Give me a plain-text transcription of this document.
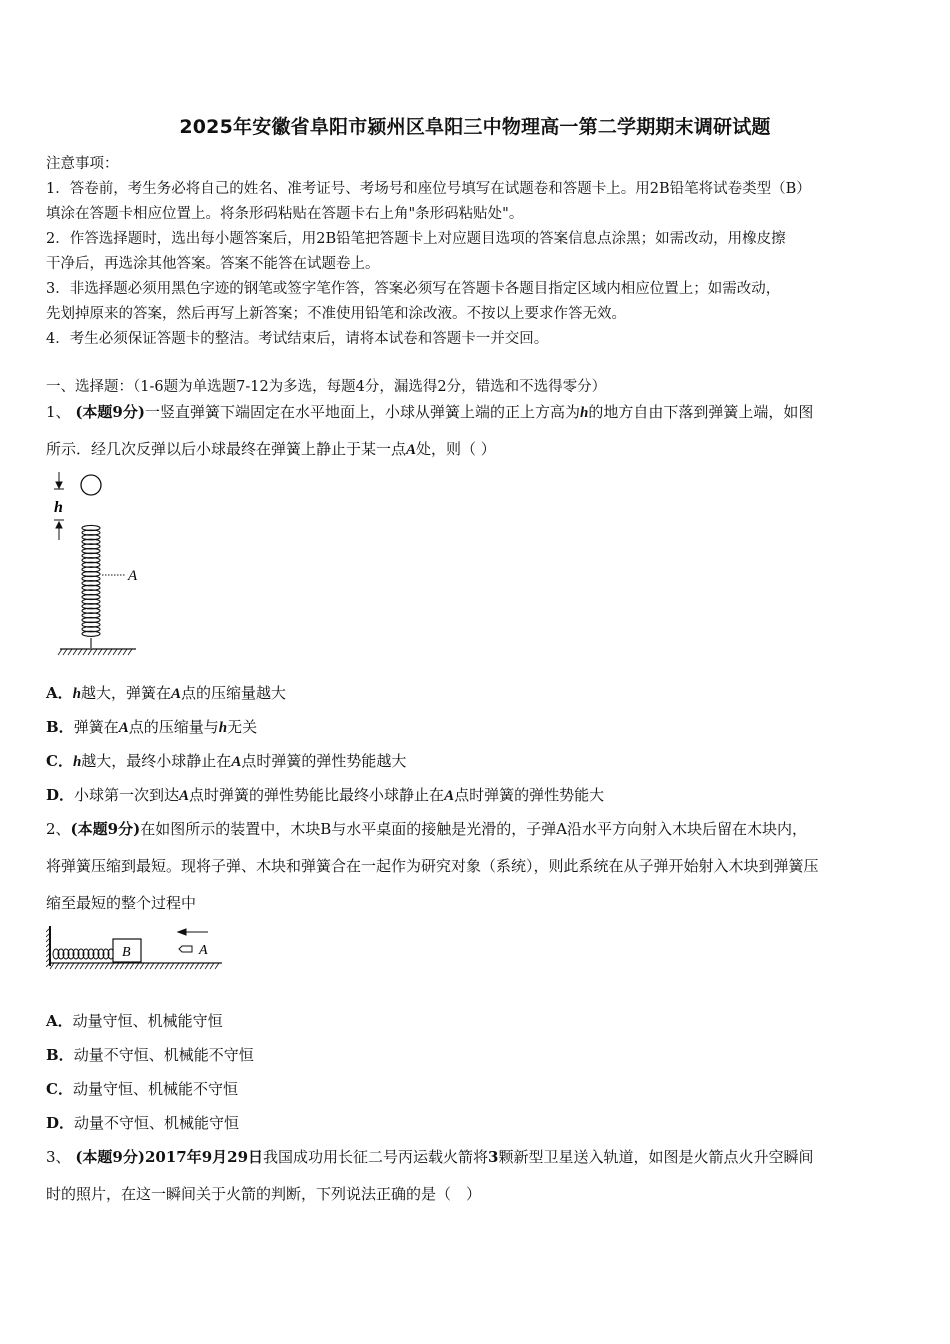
2025年安徽省阜阳市颍州区阜阳三中物理高一第二学期期末调研试题
注意事项：
1．答卷前，考生务必将自己的姓名、准考证号、考场号和座位号填写在试题卷和答题卡上。用2B铅笔将试卷类型（B）
填涂在答题卡相应位置上。将条形码粘贴在答题卡右上角"条形码粘贴处"。
2．作答选择题时，选出每小题答案后，用2B铅笔把答题卡上对应题目选项的答案信息点涂黑；如需改动，用橡皮擦
干净后，再选涂其他答案。答案不能答在试题卷上。
3．非选择题必须用黑色字迹的钢笔或签字笔作答，答案必须写在答题卡各题目指定区域内相应位置上；如需改动，
先划掉原来的答案，然后再写上新答案；不准使用铅笔和涂改液。不按以上要求作答无效。
4．考生必须保证答题卡的整洁。考试结束后，请将本试卷和答题卡一并交回。
一、选择题：（1-6题为单选题7-12为多选，每题4分，漏选得2分，错选和不选得零分）
1、 (本题9分)一竖直弹簧下端固定在水平地面上，小球从弹簧上端的正上方高为h的地方自由下落到弹簧上端，如图
所示．经几次反弹以后小球最终在弹簧上静止于某一点A处，则（ ）
h
A
A．h越大，弹簧在A点的压缩量越大
B．弹簧在A点的压缩量与h无关
C．h越大，最终小球静止在A点时弹簧的弹性势能越大
D．小球第一次到达A点时弹簧的弹性势能比最终小球静止在A点时弹簧的弹性势能大
2、(本题9分)在如图所示的装置中，木块B与水平桌面的接触是光滑的，子弹A沿水平方向射入木块后留在木块内，
将弹簧压缩到最短。现将子弹、木块和弹簧合在一起作为研究对象（系统），则此系统在从子弹开始射入木块到弹簧压
缩至最短的整个过程中
B	A
A．动量守恒、机械能守恒
B．动量不守恒、机械能不守恒
C．动量守恒、机械能不守恒
D．动量不守恒、机械能守恒
3、 (本题9分)2017年9月29日我国成功用长征二号丙运载火箭将3颗新型卫星送入轨道，如图是火箭点火升空瞬间
时的照片，在这一瞬间关于火箭的判断，下列说法正确的是（　）
